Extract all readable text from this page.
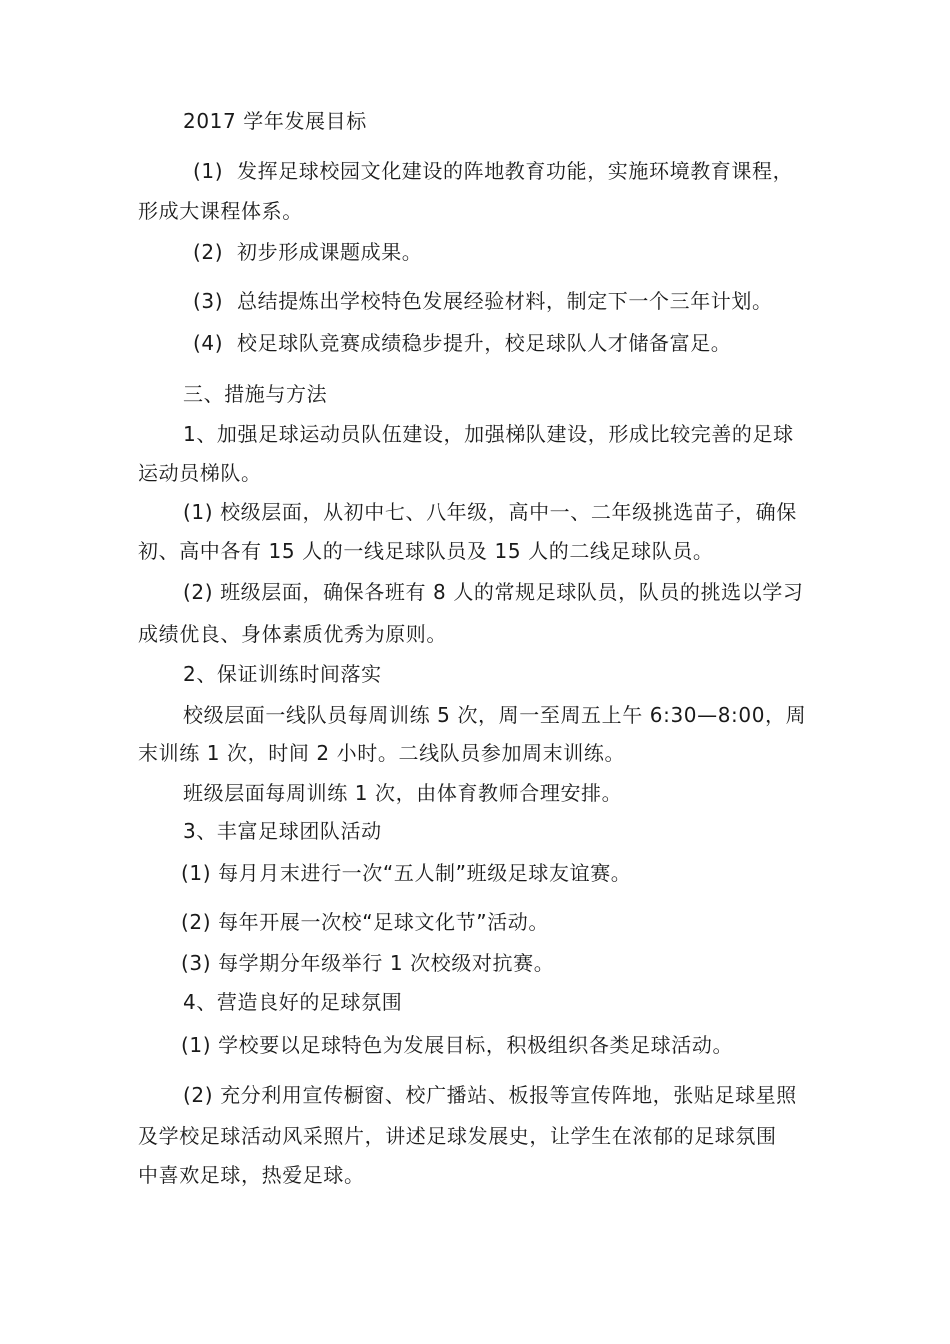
2017 学年发展目标
(1) 发挥足球校园文化建设的阵地教育功能，实施环境教育课程，
形成大课程体系。
(2) 初步形成课题成果。
(3) 总结提炼出学校特色发展经验材料，制定下一个三年计划。
(4) 校足球队竞赛成绩稳步提升，校足球队人才储备富足。
三、措施与方法
1、加强足球运动员队伍建设，加强梯队建设，形成比较完善的足球
运动员梯队。
(1) 校级层面，从初中七、八年级，高中一、二年级挑选苗子，确保
初、高中各有 15 人的一线足球队员及 15 人的二线足球队员。
(2) 班级层面，确保各班有 8 人的常规足球队员，队员的挑选以学习
成绩优良、身体素质优秀为原则。
2、保证训练时间落实
校级层面一线队员每周训练 5 次，周一至周五上午 6:30—8:00，周
末训练 1 次，时间 2 小时。二线队员参加周末训练。
班级层面每周训练 1 次，由体育教师合理安排。
3、丰富足球团队活动
(1) 每月月末进行一次“五人制”班级足球友谊赛。
(2) 每年开展一次校“足球文化节”活动。
(3) 每学期分年级举行 1 次校级对抗赛。
4、营造良好的足球氛围
(1) 学校要以足球特色为发展目标，积极组织各类足球活动。
(2) 充分利用宣传橱窗、校广播站、板报等宣传阵地，张贴足球星照
及学校足球活动风采照片，讲述足球发展史，让学生在浓郁的足球氛围
中喜欢足球，热爱足球。
